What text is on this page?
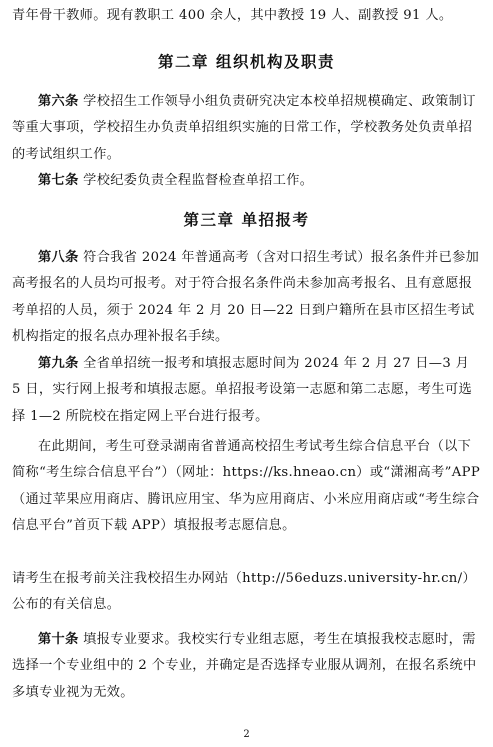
青年骨干教师。现有教职工 400 余人，其中教授 19 人、副教授 91 人。
第二章 组织机构及职责
第六条 学校招生工作领导小组负责研究决定本校单招规模确定、政策制订等重大事项，学校招生办负责单招组织实施的日常工作，学校教务处负责单招的考试组织工作。
第七条 学校纪委负责全程监督检查单招工作。
第三章 单招报考
第八条 符合我省 2024 年普通高考（含对口招生考试）报名条件并已参加高考报名的人员均可报考。对于符合报名条件尚未参加高考报名、且有意愿报考单招的人员，须于 2024 年 2 月 20 日—22 日到户籍所在县市区招生考试机构指定的报名点办理补报名手续。
第九条 全省单招统一报考和填报志愿时间为 2024 年 2 月 27 日—3 月 5 日，实行网上报考和填报志愿。单招报考设第一志愿和第二志愿，考生可选择 1—2 所院校在指定网上平台进行报考。
在此期间，考生可登录湖南省普通高校招生考试考生综合信息平台（以下简称“考生综合信息平台”）（网址：https://ks.hneao.cn）或“潇湘高考”APP（通过苹果应用商店、腾讯应用宝、华为应用商店、小米应用商店或“考生综合信息平台”首页下载 APP）填报报考志愿信息。
请考生在报考前关注我校招生办网站（http://56eduzs.university-hr.cn/）公布的有关信息。
第十条 填报专业要求。我校实行专业组志愿，考生在填报我校志愿时，需选择一个专业组中的 2 个专业，并确定是否选择专业服从调剂，在报名系统中多填专业视为无效。
2
